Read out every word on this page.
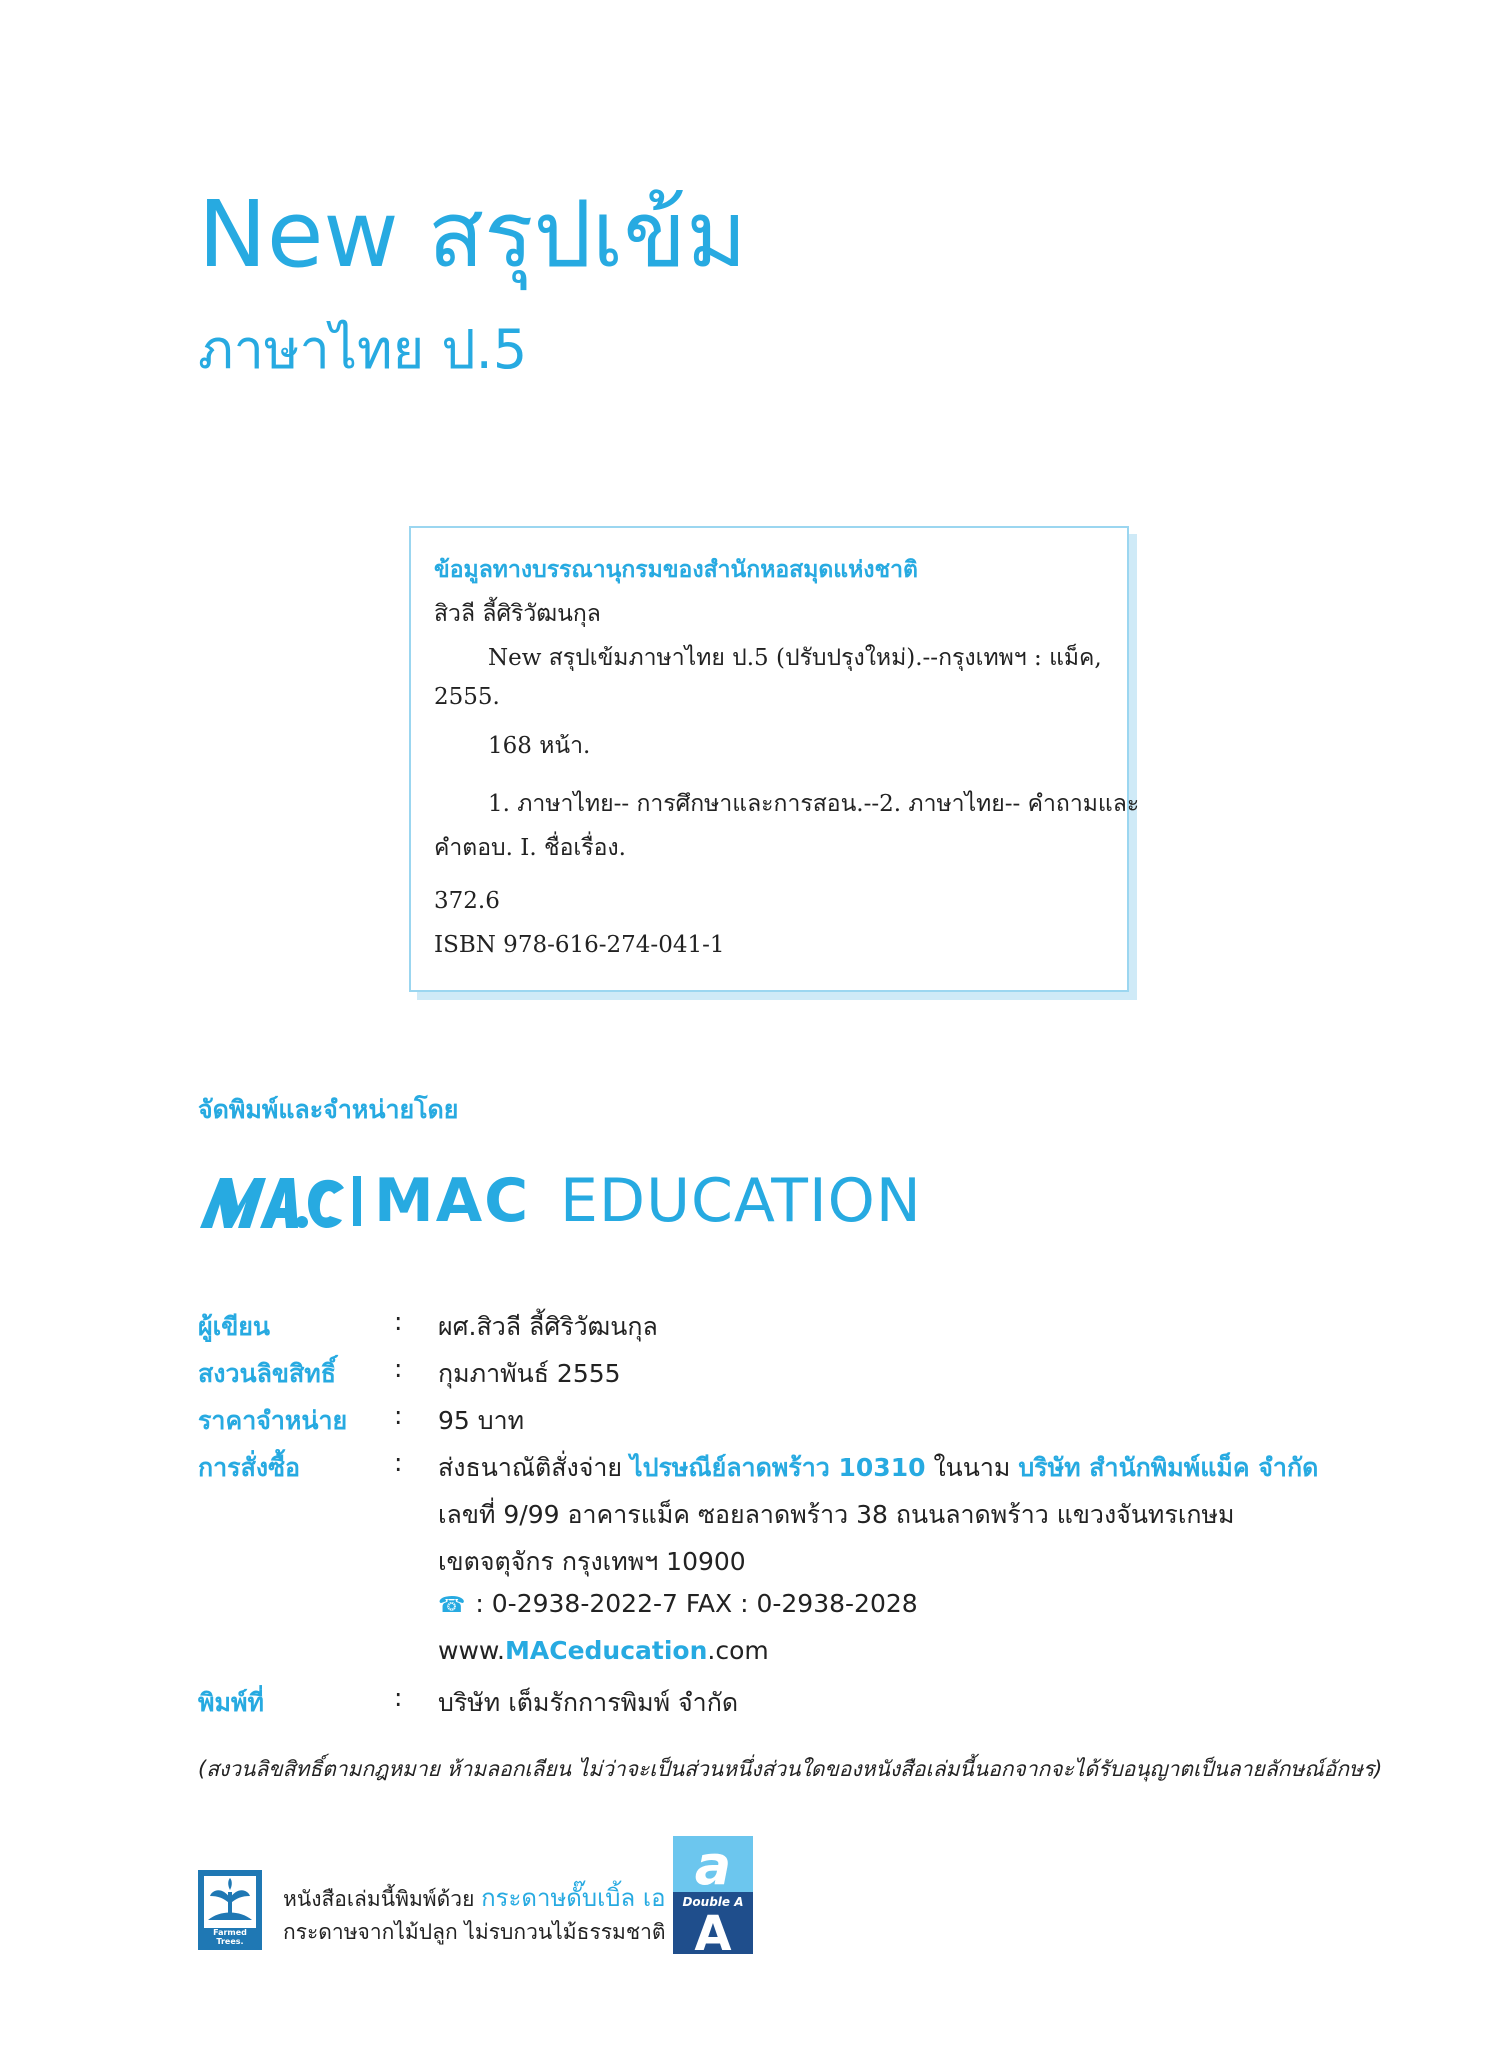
New สรุปเข้ม
ภาษาไทย ป.5
ข้อมูลทางบรรณานุกรมของสำนักหอสมุดแห่งชาติ
สิวลี ลี้ศิริวัฒนกุล
New สรุปเข้มภาษาไทย ป.5 (ปรับปรุงใหม่).--กรุงเทพฯ : แม็ค,
2555.
168 หน้า.
1. ภาษาไทย-- การศึกษาและการสอน.--2. ภาษาไทย-- คำถามและ
คำตอบ. I. ชื่อเรื่อง.
372.6
ISBN 978-616-274-041-1
จัดพิมพ์และจำหน่ายโดย
MAC EDUCATION
ผู้เขียน	: ผศ.สิวลี ลี้ศิริวัฒนกุล
สงวนลิขสิทธิ์ : กุมภาพันธ์ 2555
ราคาจำหน่าย : 95 บาท
การสั่งซื้อ	: ส่งธนาณัติสั่งจ่าย ไปรษณีย์ลาดพร้าว 10310 ในนาม บริษัท สำนักพิมพ์แม็ค จำกัด
เลขที่ 9/99 อาคารแม็ค ซอยลาดพร้าว 38 ถนนลาดพร้าว แขวงจันทรเกษม
เขตจตุจักร กรุงเทพฯ 10900
☎ : 0-2938-2022-7 FAX : 0-2938-2028
www.MACeducation.com
พิมพ์ที่	: บริษัท เต็มรักการพิมพ์ จำกัด
(สงวนลิขสิทธิ์ตามกฎหมาย ห้ามลอกเลียน ไม่ว่าจะเป็นส่วนหนึ่งส่วนใดของหนังสือเล่มนี้นอกจากจะได้รับอนุญาตเป็นลายลักษณ์อักษร)
Paper from Farmed Trees.
หนังสือเล่มนี้พิมพ์ด้วย กระดาษดั๊บเบิ้ล เอ
กระดาษจากไม้ปลูก ไม่รบกวนไม้ธรรมชาติ
a
Double A
A
